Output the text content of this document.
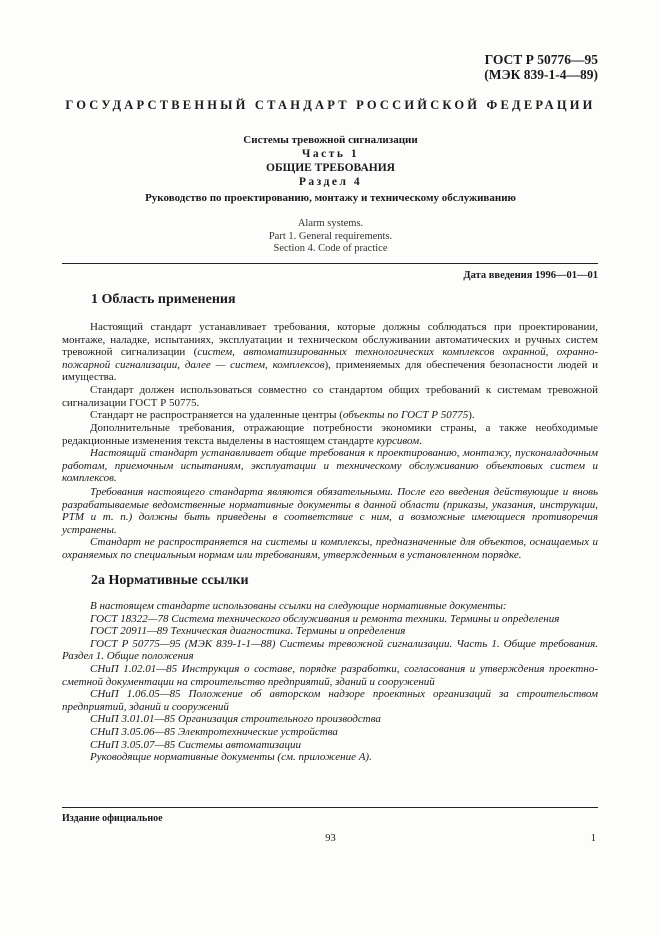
ГОСТ Р 50776—95
(МЭК 839-1-4—89)
ГОСУДАРСТВЕННЫЙ СТАНДАРТ РОССИЙСКОЙ ФЕДЕРАЦИИ
Системы тревожной сигнализации
Часть 1
ОБЩИЕ ТРЕБОВАНИЯ
Раздел 4
Руководство по проектированию, монтажу и техническому обслуживанию
Alarm systems.
Part 1. General requirements.
Section 4. Code of practice
Дата введения 1996—01—01
1 Область применения
Настоящий стандарт устанавливает требования, которые должны соблюдаться при проектировании, монтаже, наладке, испытаниях, эксплуатации и техническом обслуживании автоматических и ручных систем тревожной сигнализации (систем, автоматизированных технологических комплексов охранной, охранно-пожарной сигнализации, далее — систем, комплексов), применяемых для обеспечения безопасности людей и имущества.
Стандарт должен использоваться совместно со стандартом общих требований к системам тревожной сигнализации ГОСТ Р 50775.
Стандарт не распространяется на удаленные центры (объекты по ГОСТ Р 50775).
Дополнительные требования, отражающие потребности экономики страны, а также необходимые редакционные изменения текста выделены в настоящем стандарте курсивом.
Настоящий стандарт устанавливает общие требования к проектированию, монтажу, пусконаладочным работам, приемочным испытаниям, эксплуатации и техническому обслуживанию объектовых систем и комплексов.
Требования настоящего стандарта являются обязательными. После его введения действующие и вновь разрабатываемые ведомственные нормативные документы в данной области (приказы, указания, инструкции, РТМ и т. п.) должны быть приведены в соответствие с ним, а возможные имеющиеся противоречия устранены.
Стандарт не распространяется на системы и комплексы, предназначенные для объектов, оснащаемых и охраняемых по специальным нормам или требованиям, утвержденным в установленном порядке.
2а Нормативные ссылки
В настоящем стандарте использованы ссылки на следующие нормативные документы:
ГОСТ 18322—78 Система технического обслуживания и ремонта техники. Термины и определения
ГОСТ 20911—89 Техническая диагностика. Термины и определения
ГОСТ Р 50775—95 (МЭК 839-1-1—88) Системы тревожной сигнализации. Часть 1. Общие требования. Раздел 1. Общие положения
СНиП 1.02.01—85 Инструкция о составе, порядке разработки, согласования и утверждения проектно-сметной документации на строительство предприятий, зданий и сооружений
СНиП 1.06.05—85 Положение об авторском надзоре проектных организаций за строительством предприятий, зданий и сооружений
СНиП 3.01.01—85 Организация строительного производства
СНиП 3.05.06—85 Электротехнические устройства
СНиП 3.05.07—85 Системы автоматизации
Руководящие нормативные документы (см. приложение А).
Издание официальное
93	1
